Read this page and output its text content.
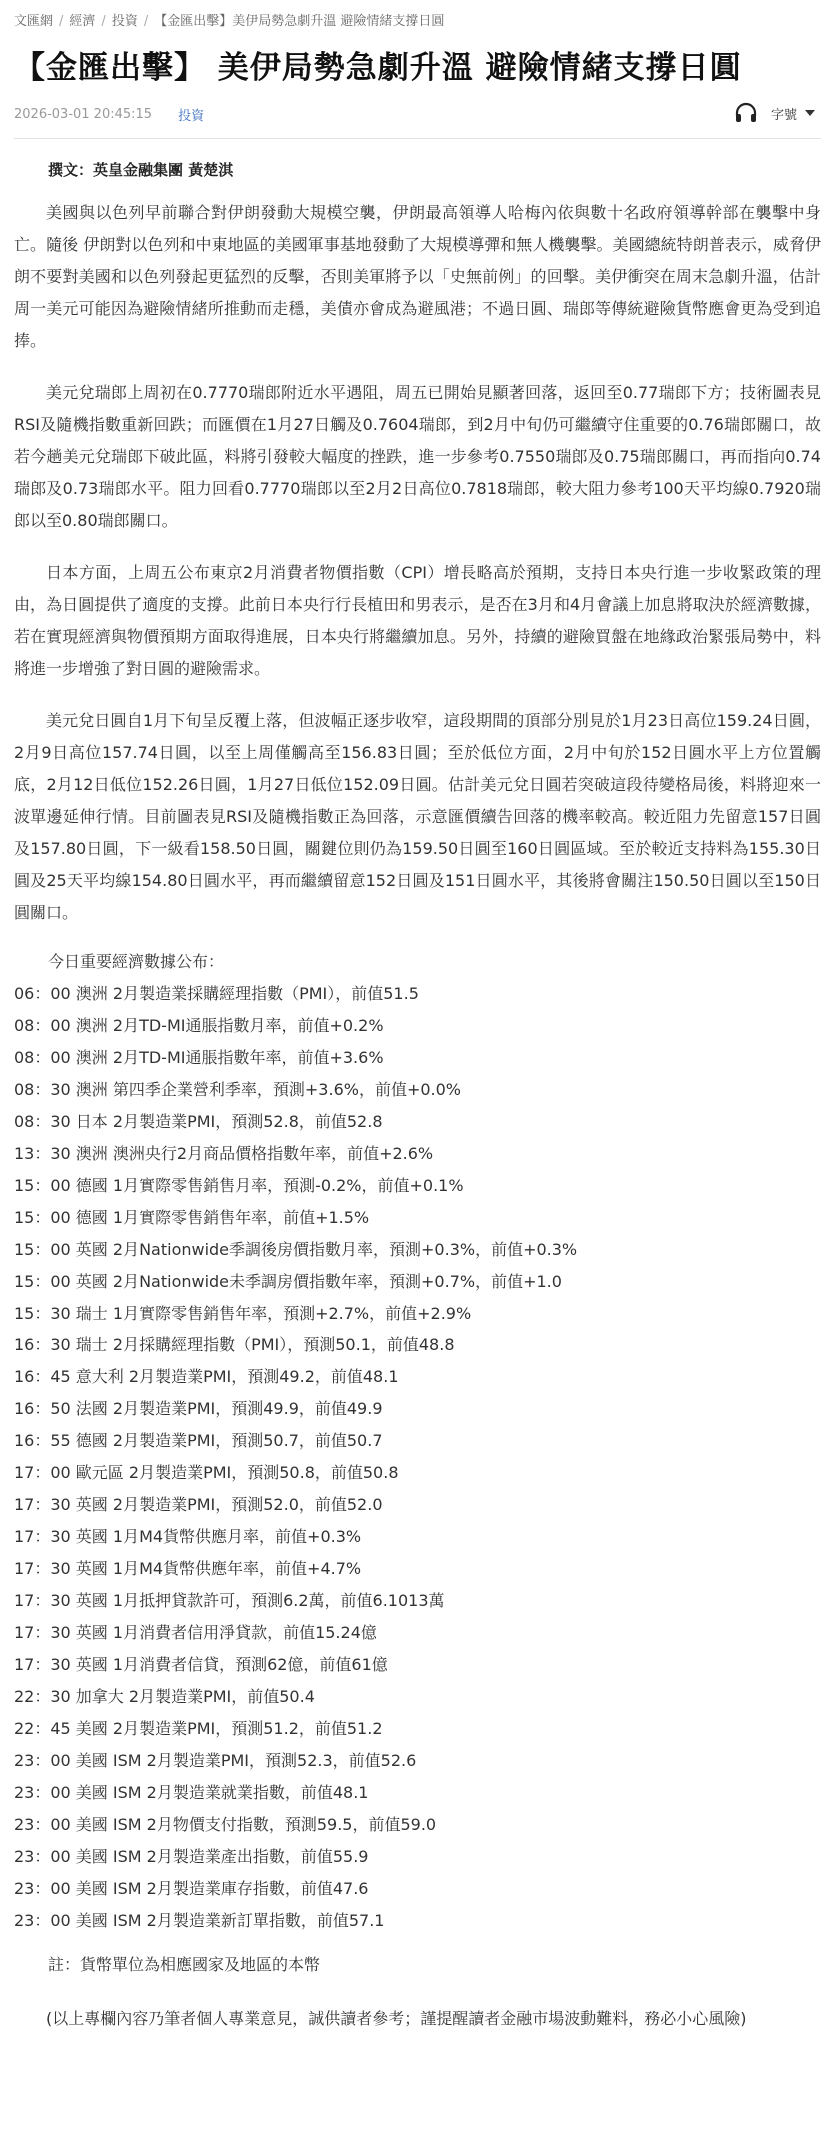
文匯網 / 經濟 / 投資 / 【金匯出擊】美伊局勢急劇升溫 避險情緒支撐日圓
【金匯出擊】 美伊局勢急劇升溫 避險情緒支撐日圓
2026-03-01 20:45:15 投資	字號
撰文：英皇金融集團 黃楚淇

美國與以色列早前聯合對伊朗發動大規模空襲，伊朗最高領導人哈梅內依與數十名政府領導幹部在襲擊中身亡。隨後 伊朗對以色列和中東地區的美國軍事基地發動了大規模導彈和無人機襲擊。美國總統特朗普表示，威脅伊朗不要對美國和以色列發起更猛烈的反擊，否則美軍將予以「史無前例」的回擊。美伊衝突在周末急劇升溫，估計周一美元可能因為避險情緒所推動而走穩，美債亦會成為避風港；不過日圓、瑞郎等傳統避險貨幣應會更為受到追捧。

美元兌瑞郎上周初在0.7770瑞郎附近水平遇阻，周五已開始見顯著回落，返回至0.77瑞郎下方；技術圖表見RSI及隨機指數重新回跌；而匯價在1月27日觸及0.7604瑞郎，到2月中旬仍可繼續守住重要的0.76瑞郎關口，故若今趟美元兌瑞郎下破此區，料將引發較大幅度的挫跌，進一步參考0.7550瑞郎及0.75瑞郎關口，再而指向0.74瑞郎及0.73瑞郎水平。阻力回看0.7770瑞郎以至2月2日高位0.7818瑞郎，較大阻力參考100天平均線0.7920瑞郎以至0.80瑞郎關口。

日本方面，上周五公布東京2月消費者物價指數（CPI）增長略高於預期，支持日本央行進一步收緊政策的理由，為日圓提供了適度的支撐。此前日本央行行長植田和男表示，是否在3月和4月會議上加息將取決於經濟數據，若在實現經濟與物價預期方面取得進展，日本央行將繼續加息。另外，持續的避險買盤在地緣政治緊張局勢中，料將進一步增強了對日圓的避險需求。

美元兌日圓自1月下旬呈反覆上落，但波幅正逐步收窄，這段期間的頂部分別見於1月23日高位159.24日圓，2月9日高位157.74日圓，以至上周僅觸高至156.83日圓；至於低位方面，2月中旬於152日圓水平上方位置觸底，2月12日低位152.26日圓，1月27日低位152.09日圓。估計美元兌日圓若突破這段待變格局後，料將迎來一波單邊延伸行情。目前圖表見RSI及隨機指數正為回落，示意匯價續告回落的機率較高。較近阻力先留意157日圓及157.80日圓，下一級看158.50日圓，關鍵位則仍為159.50日圓至160日圓區域。至於較近支持料為155.30日圓及25天平均線154.80日圓水平，再而繼續留意152日圓及151日圓水平，其後將會關注150.50日圓以至150日圓關口。

今日重要經濟數據公布：
06：00 澳洲 2月製造業採購經理指數（PMI），前值51.5
08：00 澳洲 2月TD-MI通脹指數月率，前值+0.2%
08：00 澳洲 2月TD-MI通脹指數年率，前值+3.6%
08：30 澳洲 第四季企業營利季率，預測+3.6%，前值+0.0%
08：30 日本 2月製造業PMI，預測52.8，前值52.8
13：30 澳洲 澳洲央行2月商品價格指數年率，前值+2.6%
15：00 德國 1月實際零售銷售月率，預測-0.2%，前值+0.1%
15：00 德國 1月實際零售銷售年率，前值+1.5%
15：00 英國 2月Nationwide季調後房價指數月率，預測+0.3%，前值+0.3%
15：00 英國 2月Nationwide未季調房價指數年率，預測+0.7%，前值+1.0
15：30 瑞士 1月實際零售銷售年率，預測+2.7%，前值+2.9%
16：30 瑞士 2月採購經理指數（PMI），預測50.1，前值48.8
16：45 意大利 2月製造業PMI，預測49.2，前值48.1
16：50 法國 2月製造業PMI，預測49.9，前值49.9
16：55 德國 2月製造業PMI，預測50.7，前值50.7
17：00 歐元區 2月製造業PMI，預測50.8，前值50.8
17：30 英國 2月製造業PMI，預測52.0，前值52.0
17：30 英國 1月M4貨幣供應月率，前值+0.3%
17：30 英國 1月M4貨幣供應年率，前值+4.7%
17：30 英國 1月抵押貸款許可，預測6.2萬，前值6.1013萬
17：30 英國 1月消費者信用淨貸款，前值15.24億
17：30 英國 1月消費者信貸，預測62億，前值61億
22：30 加拿大 2月製造業PMI，前值50.4
22：45 美國 2月製造業PMI，預測51.2，前值51.2
23：00 美國 ISM 2月製造業PMI，預測52.3，前值52.6
23：00 美國 ISM 2月製造業就業指數，前值48.1
23：00 美國 ISM 2月物價支付指數，預測59.5，前值59.0
23：00 美國 ISM 2月製造業產出指數，前值55.9
23：00 美國 ISM 2月製造業庫存指數，前值47.6
23：00 美國 ISM 2月製造業新訂單指數，前值57.1
註：貨幣單位為相應國家及地區的本幣

(以上專欄內容乃筆者個人專業意見，誠供讀者參考；謹提醒讀者金融市場波動難料，務必小心風險)
